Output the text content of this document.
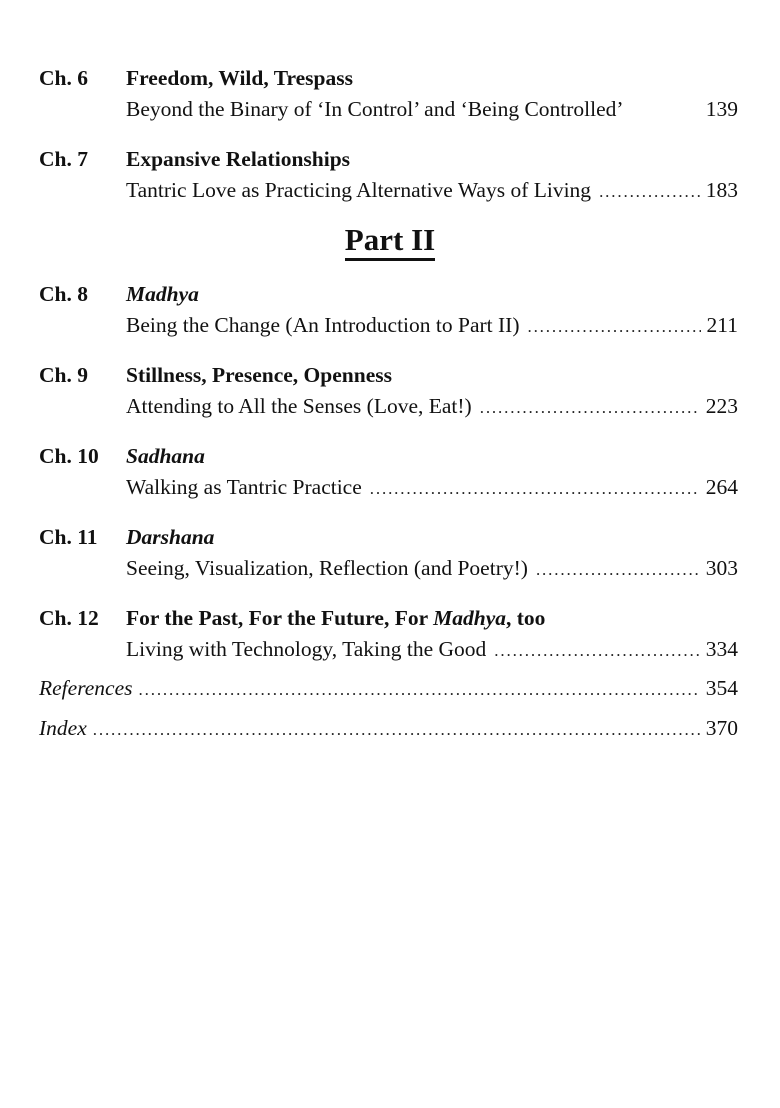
Ch. 6	Freedom, Wild, Trespass
Beyond the Binary of ‘In Control’ and ‘Being Controlled’	139
Ch. 7	Expansive Relationships
Tantric Love as Practicing Alternative Ways of Living . . .	183
Part II
Ch. 8	Madhya
Being the Change (An Introduction to Part II) . . .	211
Ch. 9	Stillness, Presence, Openness
Attending to All the Senses (Love, Eat!) . . .	223
Ch. 10	Sadhana
Walking as Tantric Practice . . .	264
Ch. 11	Darshana
Seeing, Visualization, Reflection (and Poetry!) . . .	303
Ch. 12	For the Past, For the Future, For Madhya, too
Living with Technology, Taking the Good . . .	334
References . . .	354
Index . . .	370
